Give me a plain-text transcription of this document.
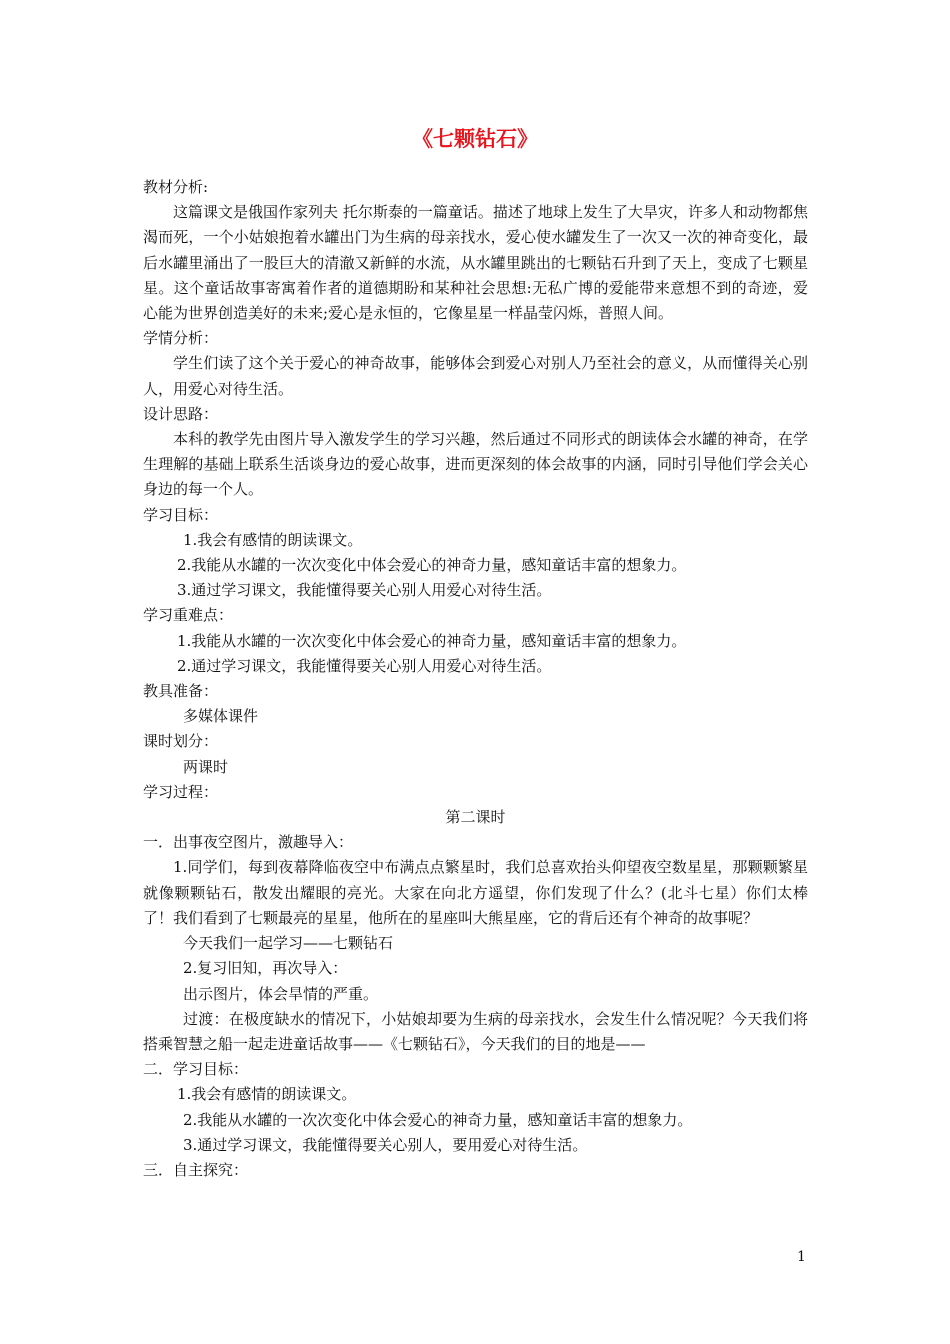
《七颗钻石》

教材分析:

这篇课文是俄国作家列夫 托尔斯泰的一篇童话。描述了地球上发生了大旱灾，许多人和动物都焦渴而死，一个小姑娘抱着水罐出门为生病的母亲找水，爱心使水罐发生了一次又一次的神奇变化，最后水罐里涌出了一股巨大的清澈又新鲜的水流，从水罐里跳出的七颗钻石升到了天上，变成了七颗星星。这个童话故事寄寓着作者的道德期盼和某种社会思想:无私广博的爱能带来意想不到的奇迹，爱心能为世界创造美好的未来;爱心是永恒的，它像星星一样晶莹闪烁，普照人间。

学情分析：

学生们读了这个关于爱心的神奇故事，能够体会到爱心对别人乃至社会的意义，从而懂得关心别人，用爱心对待生活。

设计思路：

本科的教学先由图片导入激发学生的学习兴趣，然后通过不同形式的朗读体会水罐的神奇，在学生理解的基础上联系生活谈身边的爱心故事，进而更深刻的体会故事的内涵，同时引导他们学会关心身边的每一个人。

学习目标：

1.我会有感情的朗读课文。

2.我能从水罐的一次次变化中体会爱心的神奇力量，感知童话丰富的想象力。

3.通过学习课文，我能懂得要关心别人用爱心对待生活。

学习重难点：

1.我能从水罐的一次次变化中体会爱心的神奇力量，感知童话丰富的想象力。

2.通过学习课文，我能懂得要关心别人用爱心对待生活。

教具准备：

多媒体课件

课时划分：

两课时

学习过程：

第二课时

一．出事夜空图片，激趣导入：

1.同学们，每到夜幕降临夜空中布满点点繁星时，我们总喜欢抬头仰望夜空数星星，那颗颗繁星就像颗颗钻石，散发出耀眼的亮光。大家在向北方遥望，你们发现了什么？(北斗七星）你们太棒了！我们看到了七颗最亮的星星，他所在的星座叫大熊星座，它的背后还有个神奇的故事呢？

今天我们一起学习——七颗钻石

2.复习旧知，再次导入：

出示图片，体会旱情的严重。

过渡：在极度缺水的情况下，小姑娘却要为生病的母亲找水，会发生什么情况呢？今天我们将搭乘智慧之船一起走进童话故事——《七颗钻石》，今天我们的目的地是——

二．学习目标：

1.我会有感情的朗读课文。

2.我能从水罐的一次次变化中体会爱心的神奇力量，感知童话丰富的想象力。

3.通过学习课文，我能懂得要关心别人，要用爱心对待生活。

三．自主探究：

1
